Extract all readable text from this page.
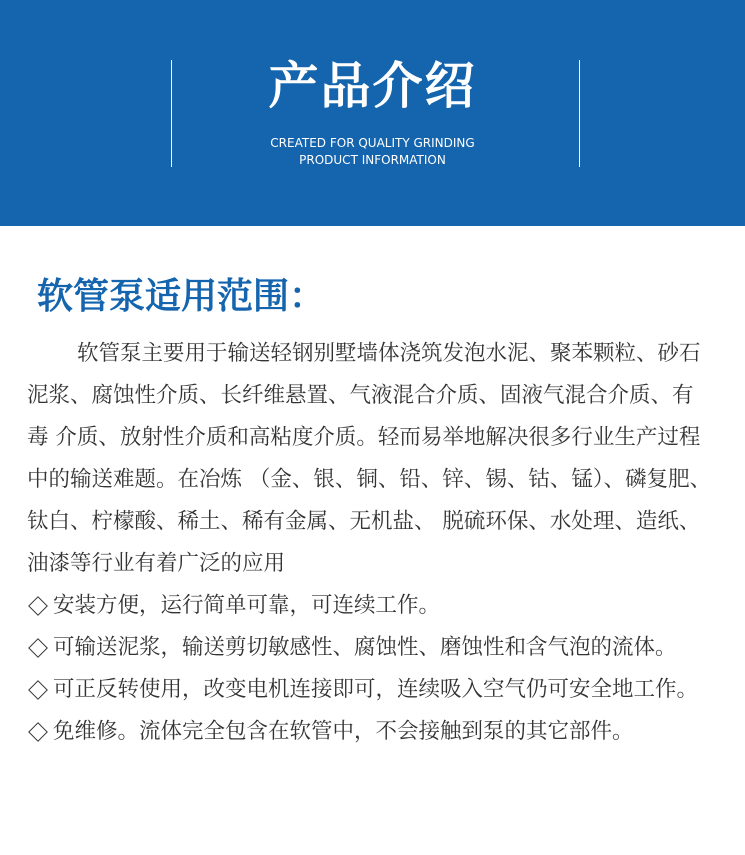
产品介绍
CREATED FOR QUALITY GRINDING
PRODUCT INFORMATION
软管泵适用范围：

软管泵主要用于输送轻钢别墅墙体浇筑发泡水泥、聚苯颗粒、砂石泥浆、腐蚀性介质、长纤维悬置、气液混合介质、固液气混合介质、有毒 介质、放射性介质和高粘度介质。轻而易举地解决很多行业生产过程中的输送难题。在冶炼 （金、银、铜、铅、锌、锡、钴、锰）、磷复肥、钛白、柠檬酸、稀土、稀有金属、无机盐、 脱硫环保、水处理、造纸、油漆等行业有着广泛的应用

安装方便，运行简单可靠，可连续工作。
可输送泥浆，输送剪切敏感性、腐蚀性、磨蚀性和含气泡的流体。
可正反转使用，改变电机连接即可，连续吸入空气仍可安全地工作。
免维修。流体完全包含在软管中，不会接触到泵的其它部件。
